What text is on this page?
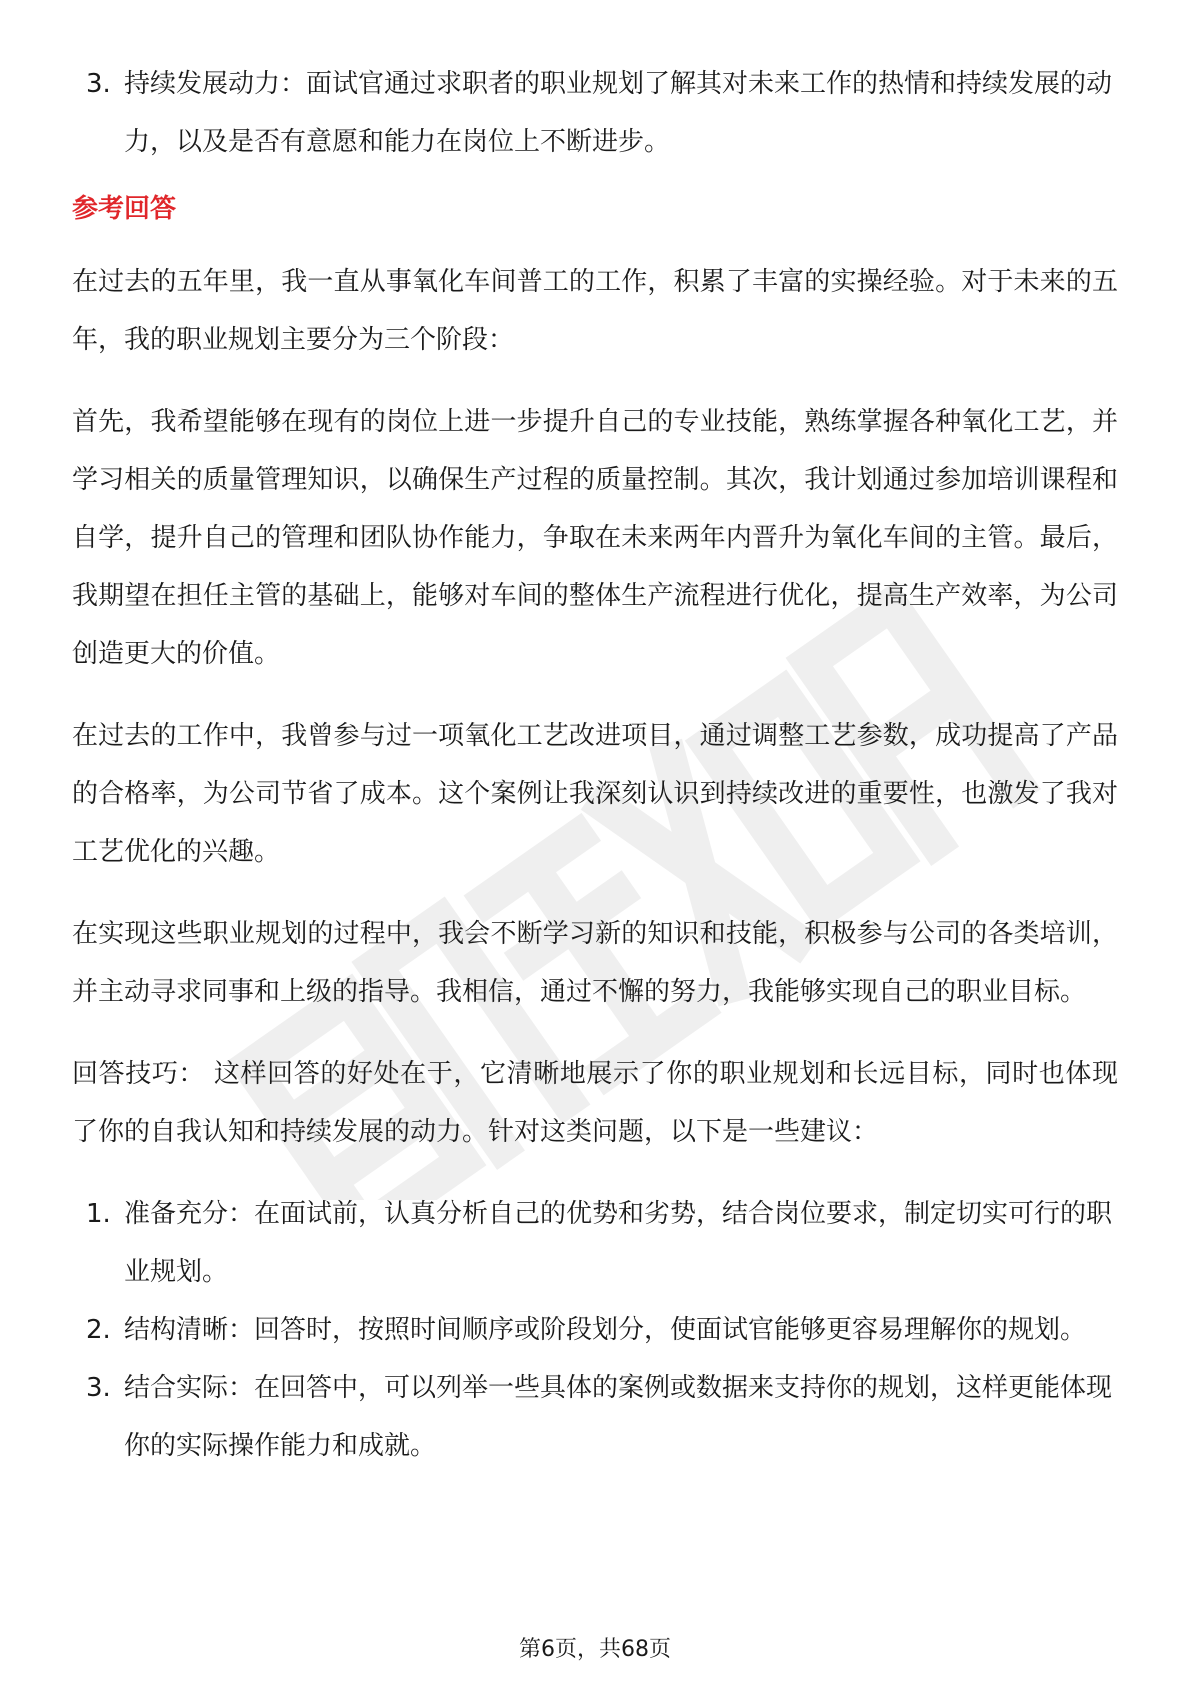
3. 持续发展动力：面试官通过求职者的职业规划了解其对未来工作的热情和持续发展的动力，以及是否有意愿和能力在岗位上不断进步。
参考回答

在过去的五年里，我一直从事氧化车间普工的工作，积累了丰富的实操经验。对于未来的五年，我的职业规划主要分为三个阶段：

首先，我希望能够在现有的岗位上进一步提升自己的专业技能，熟练掌握各种氧化工艺，并学习相关的质量管理知识，以确保生产过程的质量控制。其次，我计划通过参加培训课程和自学，提升自己的管理和团队协作能力，争取在未来两年内晋升为氧化车间的主管。最后，我期望在担任主管的基础上，能够对车间的整体生产流程进行优化，提高生产效率，为公司创造更大的价值。

在过去的工作中，我曾参与过一项氧化工艺改进项目，通过调整工艺参数，成功提高了产品的合格率，为公司节省了成本。这个案例让我深刻认识到持续改进的重要性，也激发了我对工艺优化的兴趣。

在实现这些职业规划的过程中，我会不断学习新的知识和技能，积极参与公司的各类培训，并主动寻求同事和上级的指导。我相信，通过不懈的努力，我能够实现自己的职业目标。

回答技巧： 这样回答的好处在于，它清晰地展示了你的职业规划和长远目标，同时也体现了你的自我认知和持续发展的动力。针对这类问题，以下是一些建议：

1. 准备充分：在面试前，认真分析自己的优势和劣势，结合岗位要求，制定切实可行的职业规划。
2. 结构清晰：回答时，按照时间顺序或阶段划分，使面试官能够更容易理解你的规划。
3. 结合实际：在回答中，可以列举一些具体的案例或数据来支持你的规划，这样更能体现你的实际操作能力和成就。
第6页，共68页
